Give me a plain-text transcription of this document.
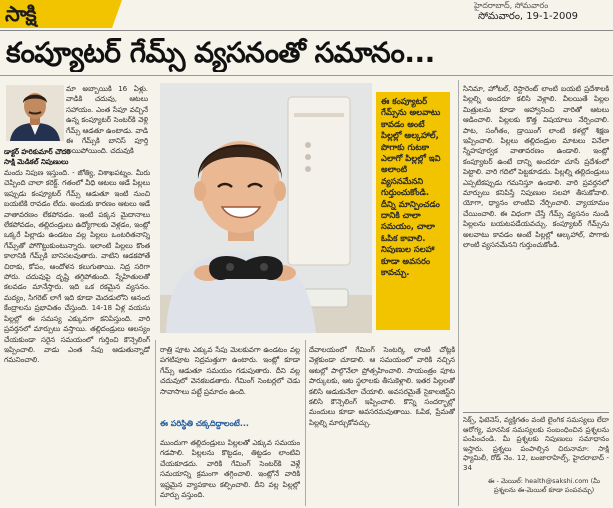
సాక్షి	హైదరాబాద్, సోమవారం
సోమవారం, 19-1-2009
కంప్యూటర్ గేమ్స్ వ్యసనంతో సమానం...
డాక్టర్ హరికుమార్ చౌదరి
సాక్షి మెడికల్ నిపుణులు
మా అబ్బాయికి 16 ఏళ్లు. వాడికి చదువు, ఆటలు సహాయం. ఎంత సేపూ వచ్చినే ఉన్న కంప్యూటర్ సెంటర్‌కి వెళ్లి గేమ్స్ ఆడతూ ఉంటాడు. వాడి ఈ గేమ్స్‌కి బానిస్ పూర్తి అయిపోయింది. చదువుకి
మందు నిపుణ ఇస్తుంది. - జోత్యి, విశాఖపట్నం. మీరు చెప్పింది చాలా కరెక్ట్. గతంలో వీధి ఆటలు ఆడే పిల్లలు ఇప్పుడు కంప్యూటర్ గేమ్స్ ఆడుతూ ఇంటి నుంచి బయటికి రావడం లేదు. అందుకు కారణం ఆటలు ఆడే వాతావరణం లేకపోవడం. ఇంటి పక్కన మైదానాలు లేకపోవడం, తల్లిదండ్రులు ఉద్యోగాలకు వెళ్లడం, ఇంట్లో ఒక్కరే పిల్లాడు ఉండటం వల్ల పిల్లలు ఒంటరితనాన్ని గేమ్స్‌తో పోగొట్టుకుంటున్నారు. ఇలాంటి పిల్లలు కొంత కాలానికి గేమ్స్‌కి బానిసలవుతారు. వాటిని ఆడకపోతే చిరాకు, కోపం, ఆందోళన కలుగుతాయి. నిద్ర సరిగా పోరు. చదువుపై దృష్టి తగ్గిపోతుంది. స్నేహితులతో కలవడం మానేస్తారు. ఇది ఒక రకమైన వ్యసనం. మద్యం, సిగరెట్ లాగే ఇది కూడా మెదడులోని ఆనంద కేంద్రాలను ప్రభావితం చేస్తుంది. 14-18 ఏళ్ల వయసు పిల్లల్లో ఈ సమస్య ఎక్కువగా కనిపిస్తుంది. వారి ప్రవర్తనలో మార్పులు వస్తాయి. తల్లిదండ్రులు ఆలస్యం చేయకుండా సరైన సమయంలో గుర్తించి కౌన్సెలింగ్ ఇప్పించాలి. వాడు ఎంత సేపు ఆడుతున్నాడో గమనించాలి.
ఈ కంప్యూటర్ గేమ్స్‌ను అలవాటు కావడం అంటే పిల్లల్లో ఆల్కహాల్, పొగాకు గుటకా ఎలాగో పిల్లల్లో ఇవి అలాంటి వ్యసనమేనని గుర్తుంచుకోండి. దీన్ని మాన్పించడం దానికి చాలా సమయం, చాలా ఓపిక కావాలి. నిపుణుల సలహా కూడా అవసరం కావచ్చు.
రాత్రి పూట ఎక్కువ సేపు మెలకువగా ఉండటం వల్ల పగటిపూట నిద్రమత్తుగా ఉంటారు. ఇంట్లో కూడా గేమ్స్ ఆడుతూ సమయం గడుపుతారు. దీని వల్ల చదువులో వెనకబడతారు. గేమింగ్ సెంటర్లలో చెడు సావాసాలు పట్టే ప్రమాదం ఉంది.
ఈ పరిస్థితి చక్కదిద్దాలంటే...
ముందుగా తల్లిదండ్రులు పిల్లలతో ఎక్కువ సమయం గడపాలి. పిల్లలను కొట్టడం, తిట్టడం లాంటివి చేయకూడదు. వారికి గేమింగ్ సెంటర్‌కి వెళ్లే సమయాన్ని క్రమంగా తగ్గించాలి. ఇంట్లోనే వారికి ఇష్టమైన వ్యాపకాలు కల్పించాలి. దీని వల్ల పిల్లల్లో మార్పు వస్తుంది.
దేవాలయంలో గేమింగ్ సెంటర్కి లాంటి చోట్లకి వెళ్లకుండా చూడాలి. ఆ సమయంలో వారికి నచ్చిన ఆటల్లో పాల్గొనేలా ప్రోత్సహించాలి. సాయంత్రం పూట పార్కులకు, ఆట స్థలాలకు తీసుకెళ్లాలి. ఇతర పిల్లలతో కలిసి ఆడుకునేలా చేయాలి. అవసరమైతే సైకాలజిస్ట్‌ని కలిసి కౌన్సెలింగ్ ఇప్పించాలి. కొన్ని సందర్భాల్లో మందులు కూడా అవసరమవుతాయి. ఓపిక, ప్రేమతో పిల్లల్ని మార్చుకోవచ్చు.
సినిమా, హోటల్, రెస్టారెంట్ లాంటి బయటి ప్రదేశాలకి పిల్లల్ని అందరూ కలిసి వెళ్లాలి. వీలయితే పిల్లల మిత్రులను కూడా ఆహ్వానించి వారితో ఆటలు ఆడించాలి. పిల్లలకు కొత్త విషయాలు నేర్పించాలి. పాట, సంగీతం, డ్రాయింగ్ లాంటి కళల్లో శిక్షణ ఇప్పించాలి. పిల్లలు తల్లిదండ్రుల మాటలు వినేలా స్నేహపూర్వక వాతావరణం ఉండాలి. ఇంట్లో కంప్యూటర్ ఉంటే దాన్ని అందరూ చూసే ప్రదేశంలో పెట్టాలి. వారి గదిలో పెట్టకూడదు. పిల్లల్ని తల్లిదండ్రులు ఎప్పటికప్పుడు గమనిస్తూ ఉండాలి. వారి ప్రవర్తనలో మార్పులు కనిపిస్తే నిపుణుల సలహా తీసుకోవాలి. యోగా, ధ్యానం లాంటివి నేర్పించాలి. వ్యాయామం చేయించాలి. ఈ విధంగా చేస్తే గేమ్స్ వ్యసనం నుండి పిల్లలను బయటపడేయవచ్చు. కంప్యూటర్ గేమ్స్‌ను అలవాటు కావడం అంటే పిల్లల్లో ఆల్కహాల్, పొగాకు లాంటి వ్యసనమేనని గుర్తుంచుకోండి.
సెక్స్, ఫిటెనెస్, వ్యక్తిగతం వంటి లైంగిక సమస్యలు లేదా ఆరోగ్య, మానసిక సమస్యలకు సంబంధించిన ప్రశ్నలను పంపించండి. మీ ప్రశ్నలకు నిపుణులు సమాధానం ఇస్తారు. ప్రశ్నలు పంపాల్సిన చిరునామా: సాక్షి ఫ్యామిలీ, రోడ్ నెం. 12, బంజారాహిల్స్, హైదరాబాద్ - 34
ఈ - మెయిల్: health@sakshi.com (మీ ప్రశ్నలను ఈ-మెయిల్ కూడా పంపవచ్చు)
